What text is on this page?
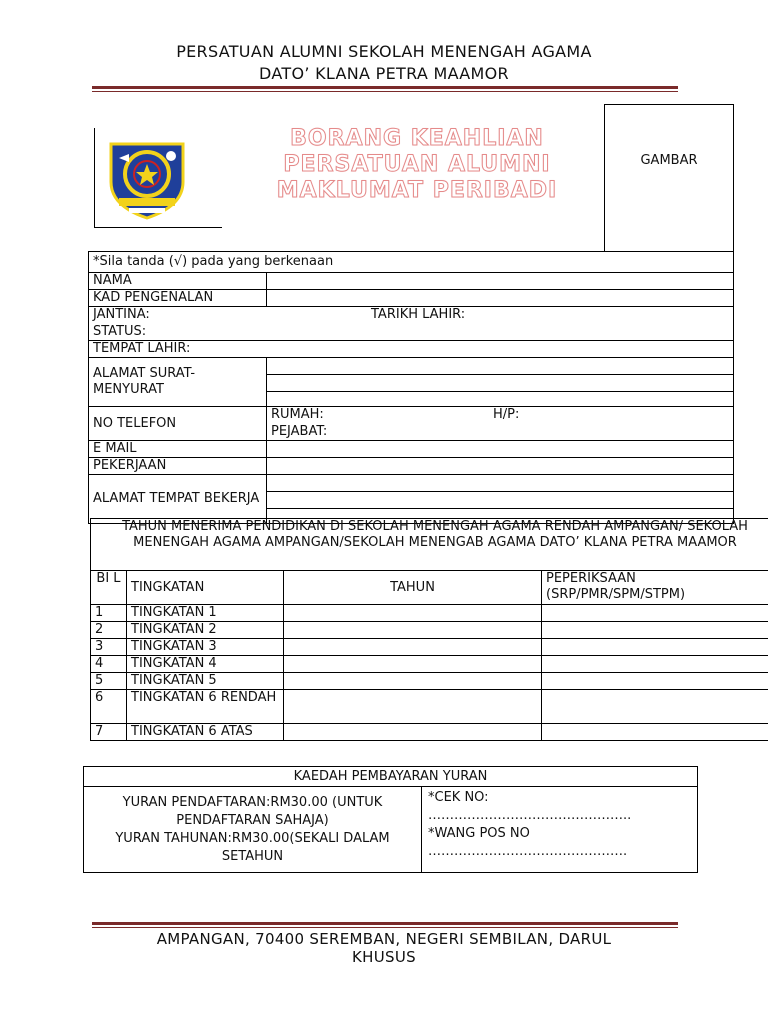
PERSATUAN ALUMNI SEKOLAH MENENGAH AGAMA
DATO’ KLANA PETRA MAAMOR
BORANG KEAHLIAN
PERSATUAN ALUMNI
MAKLUMAT PERIBADI
GAMBAR
*Sila tanda (√) pada yang berkenaan	
NAMA	
KAD PENGENALAN	

JANTINA: TARIKH LAHIR:
STATUS:	

TEMPAT LAHIR:	
ALAMAT SURAT-MENYURAT	

NO TELEFON	RUMAH: H/P:
PEJABAT:

E MAIL	
PEKERJAAN	
ALAMAT TEMPAT BEKERJA	
TAHUN MENERIMA PENDIDIKAN DI SEKOLAH MENENGAH AGAMA RENDAH AMPANGAN/ SEKOLAH MENENGAH AGAMA AMPANGAN/SEKOLAH MENENGAB AGAMA DATO’ KLANA PETRA MAAMOR			
BI L	TINGKATAN	TAHUN	PEPERIKSAAN (SRP/PMR/SPM/STPM)
1	TINGKATAN 1		
2	TINGKATAN 2		
3	TINGKATAN 3		
4	TINGKATAN 4		
5	TINGKATAN 5		
6	TINGKATAN 6 RENDAH		
7	TINGKATAN 6 ATAS		
KAEDAH PEMBAYARAN YURAN

YURAN PENDAFTARAN:RM30.00 (UNTUK PENDAFTARAN SAHAJA)
YURAN TAHUNAN:RM30.00(SEKALI DALAM SETAHUN

*CEK NO:
………………………………………..
*WANG POS NO
……………………………………….
AMPANGAN, 70400 SEREMBAN, NEGERI SEMBILAN, DARUL
KHUSUS
